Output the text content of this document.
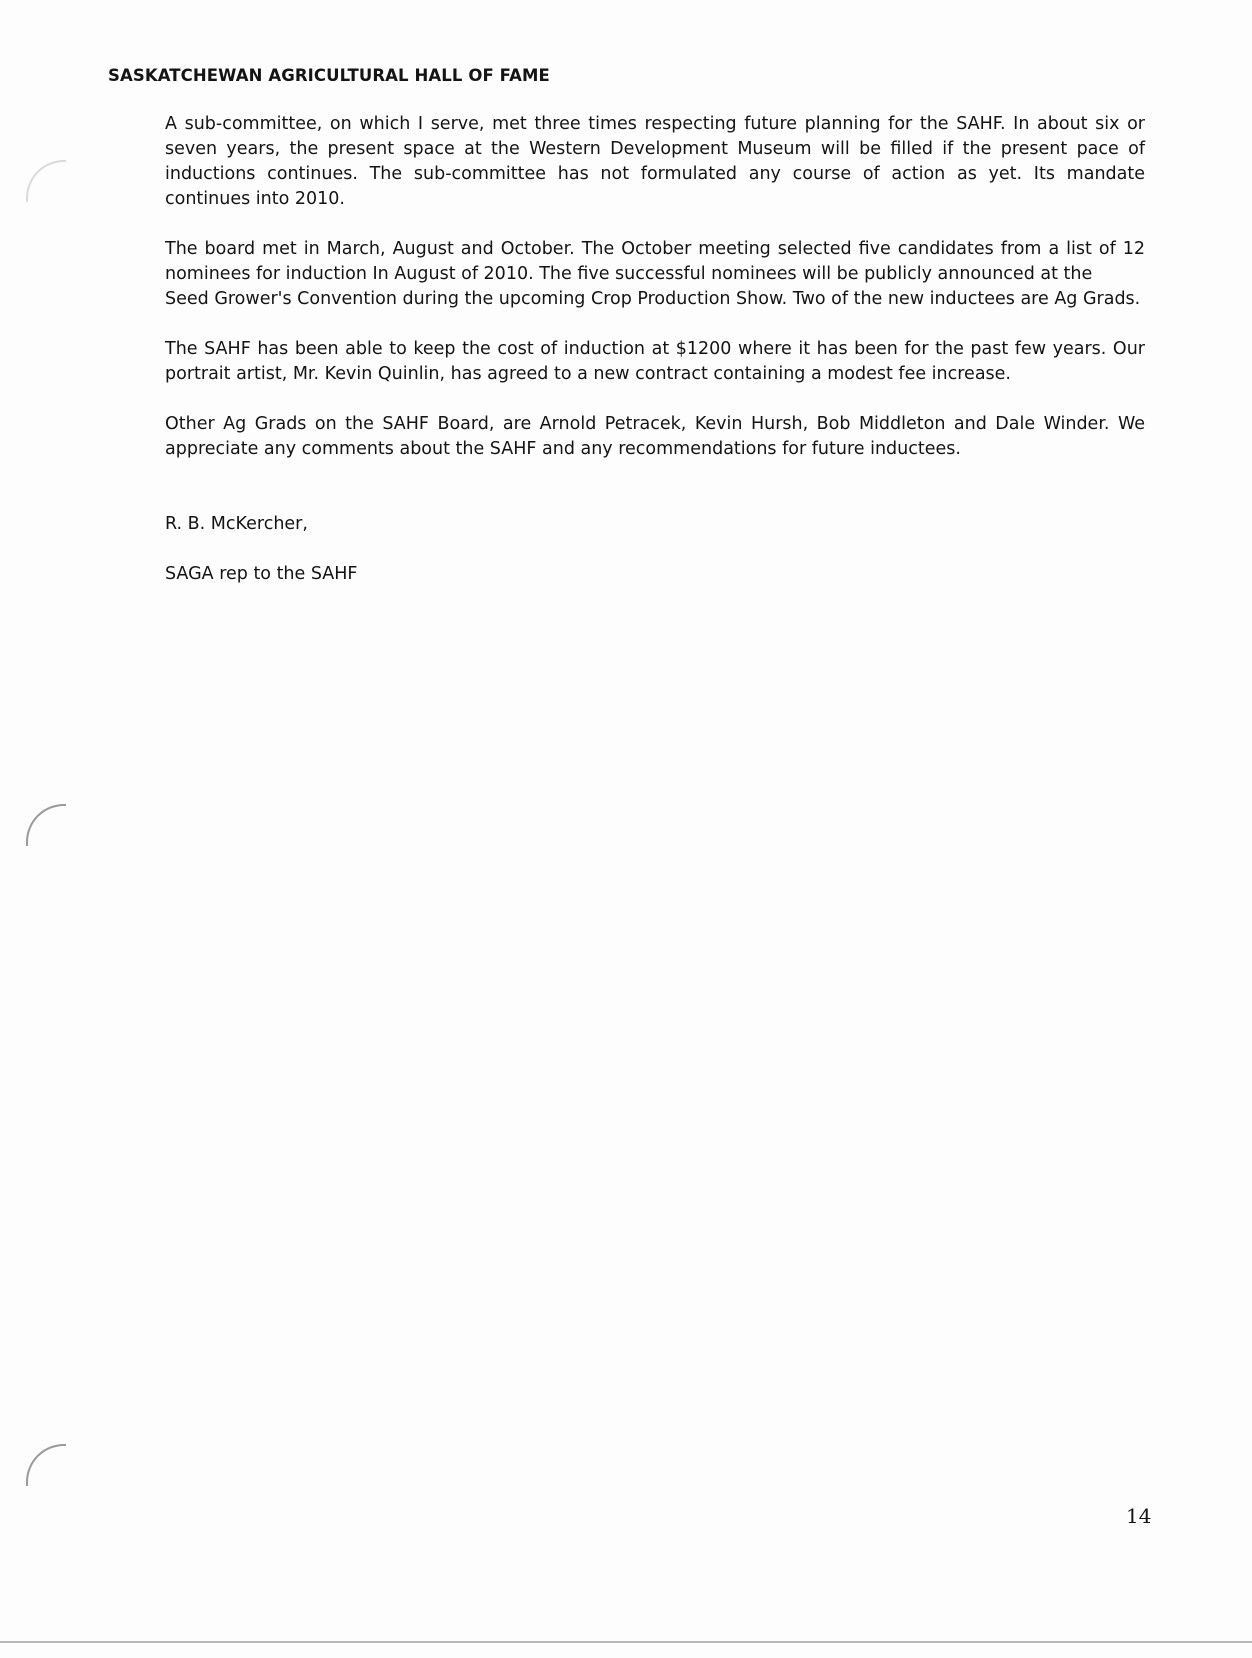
SASKATCHEWAN AGRICULTURAL HALL OF FAME

A sub-committee, on which I serve, met three times respecting future planning for the SAHF. In about six or seven years, the present space at the Western Development Museum will be filled if the present pace of inductions continues. The sub-committee has not formulated any course of action as yet. Its mandate continues into 2010.

The board met in March, August and October. The October meeting selected five candidates from a list of 12 nominees for induction In August of 2010. The five successful nominees will be publicly announced at the
Seed Grower's Convention during the upcoming Crop Production Show. Two of the new inductees are Ag Grads.

The SAHF has been able to keep the cost of induction at $1200 where it has been for the past few years. Our portrait artist, Mr. Kevin Quinlin, has agreed to a new contract containing a modest fee increase.

Other Ag Grads on the SAHF Board, are Arnold Petracek, Kevin Hursh, Bob Middleton and Dale Winder. We appreciate any comments about the SAHF and any recommendations for future inductees.

R. B. McKercher,

SAGA rep to the SAHF

14
